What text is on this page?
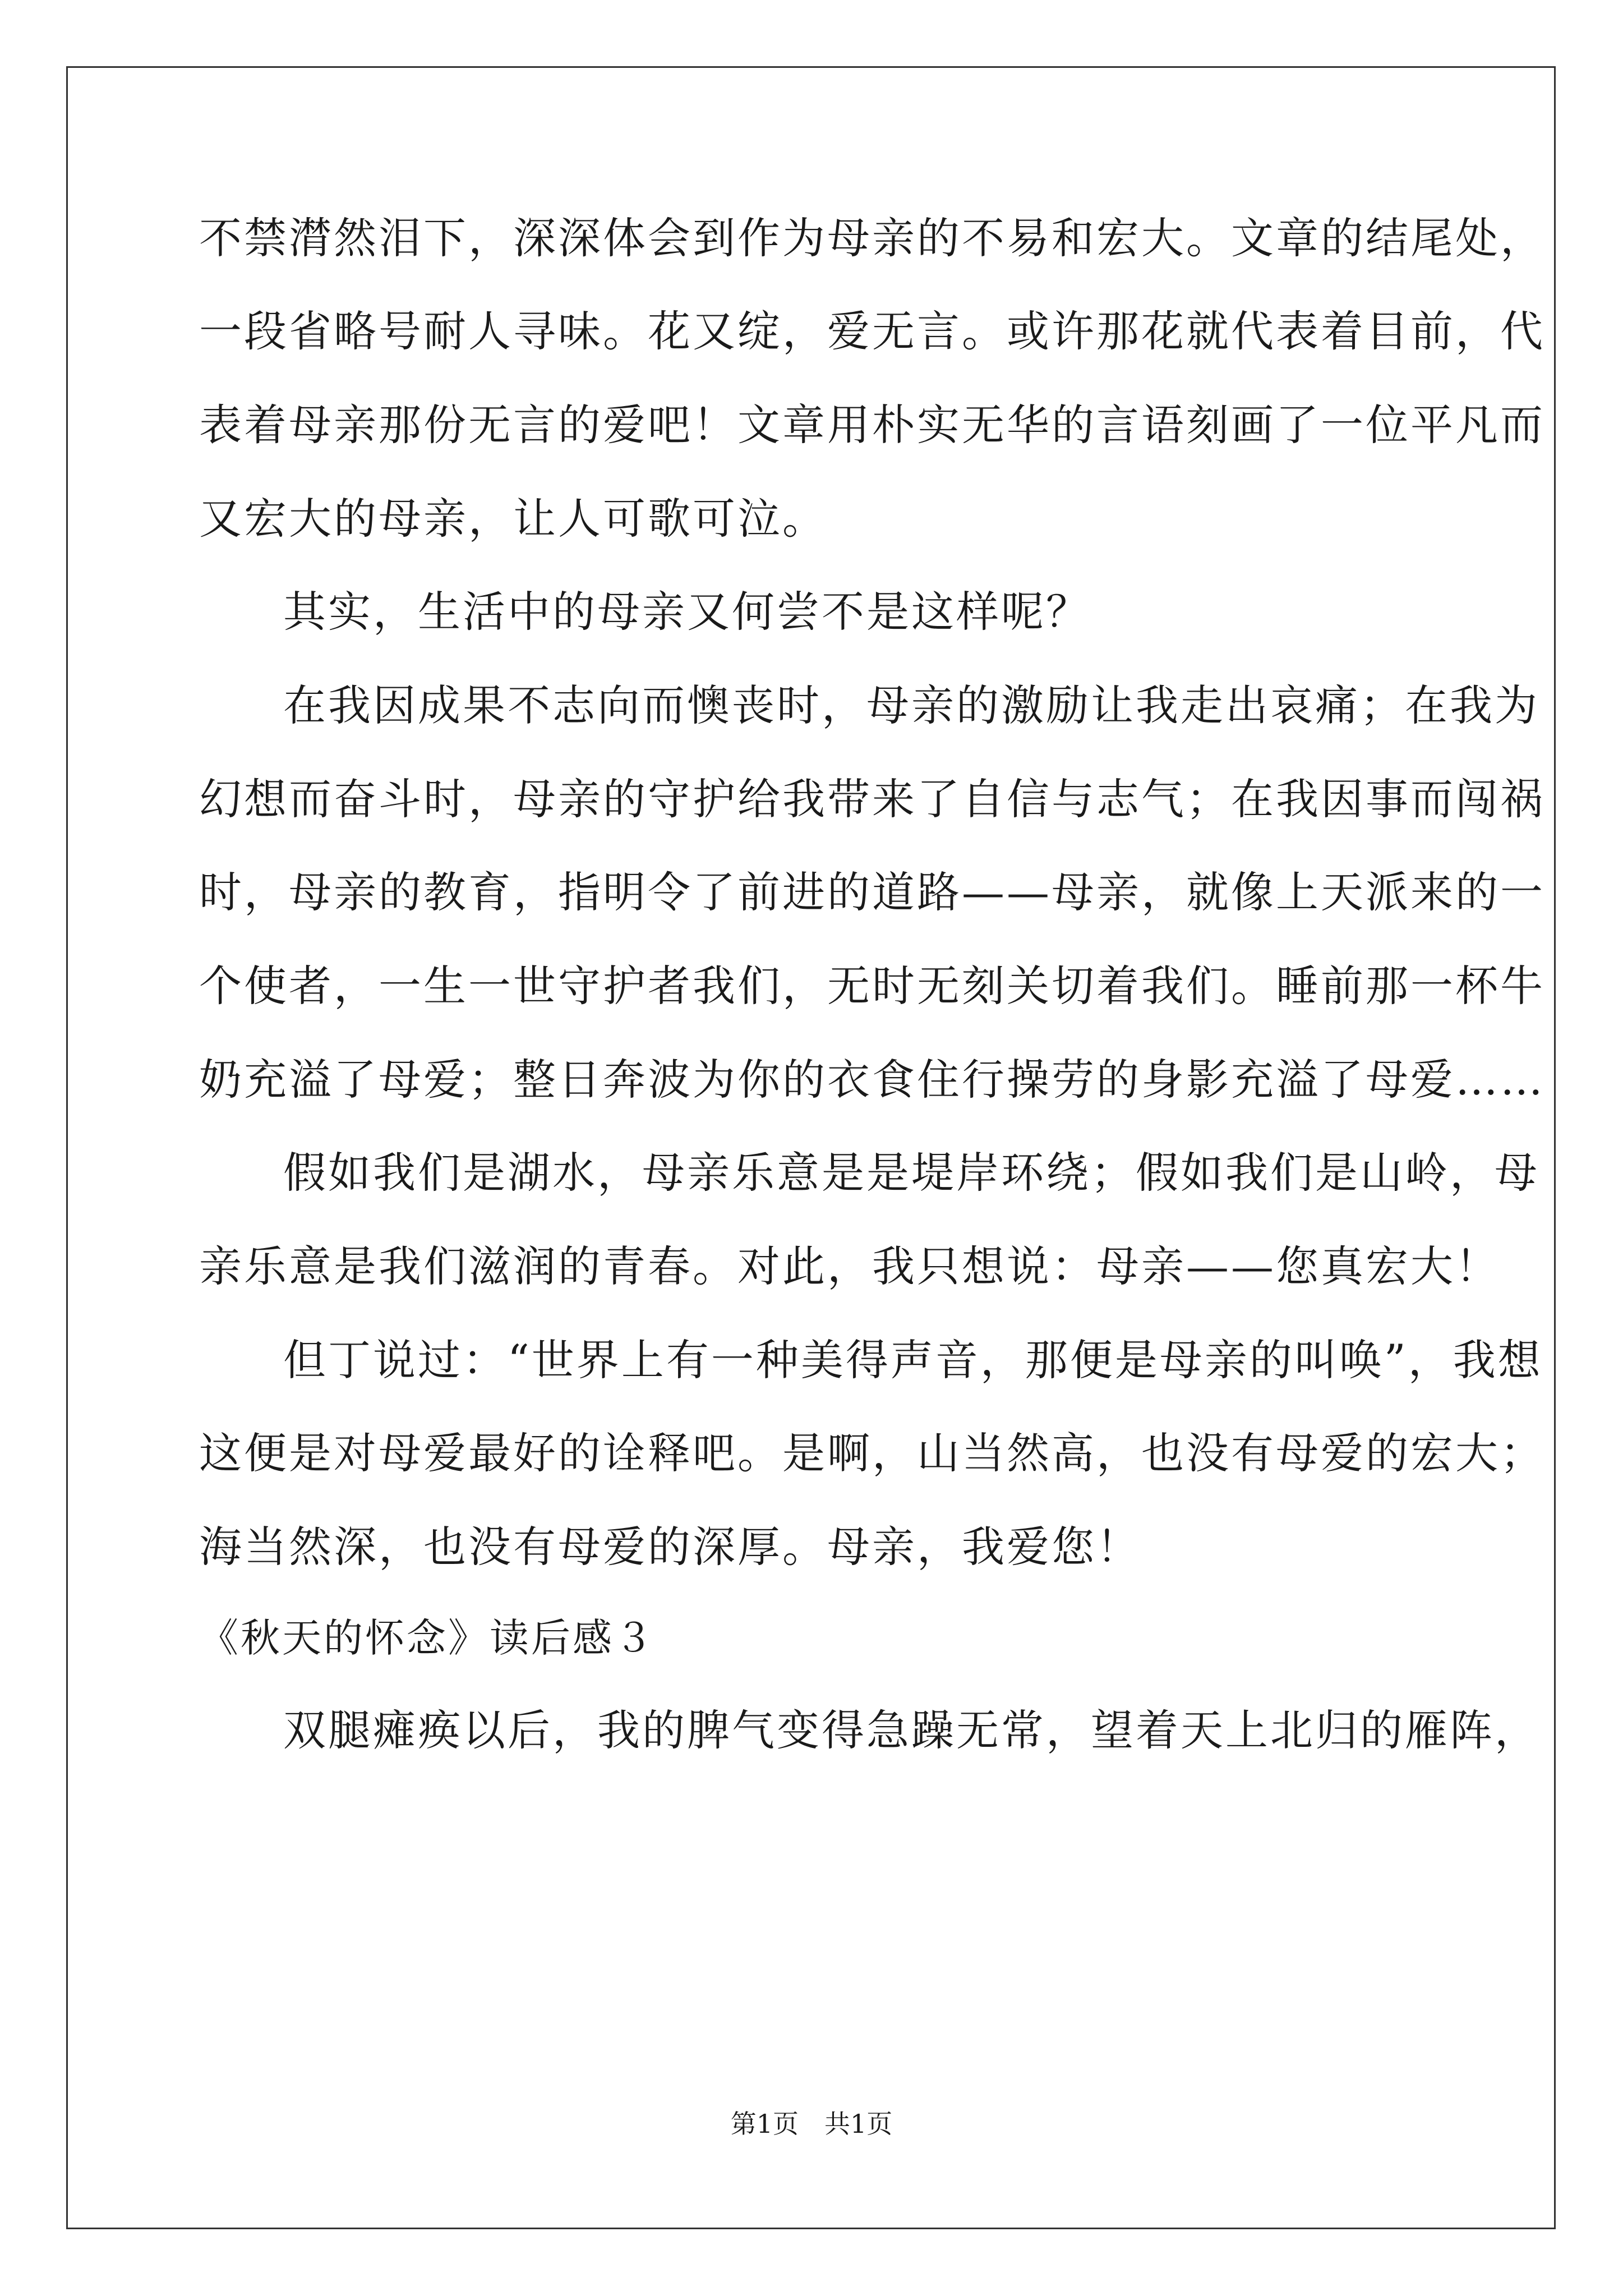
不禁潸然泪下，深深体会到作为母亲的不易和宏大。文章的结尾处，
一段省略号耐人寻味。花又绽，爱无言。或许那花就代表着目前，代
表着母亲那份无言的爱吧！文章用朴实无华的言语刻画了一位平凡而
又宏大的母亲，让人可歌可泣。
其实，生活中的母亲又何尝不是这样呢？
在我因成果不志向而懊丧时，母亲的激励让我走出哀痛；在我为
幻想而奋斗时，母亲的守护给我带来了自信与志气；在我因事而闯祸
时，母亲的教育，指明令了前进的道路——母亲，就像上天派来的一
个使者，一生一世守护者我们，无时无刻关切着我们。睡前那一杯牛
奶充溢了母爱；整日奔波为你的衣食住行操劳的身影充溢了母爱……
假如我们是湖水，母亲乐意是是堤岸环绕；假如我们是山岭，母
亲乐意是我们滋润的青春。对此，我只想说：母亲——您真宏大！
但丁说过：“世界上有一种美得声音，那便是母亲的叫唤”，我想
这便是对母爱最好的诠释吧。是啊，山当然高，也没有母爱的宏大；
海当然深，也没有母爱的深厚。母亲，我爱您！
《秋天的怀念》读后感３
双腿瘫痪以后，我的脾气变得急躁无常，望着天上北归的雁阵，
第1页　共1页
